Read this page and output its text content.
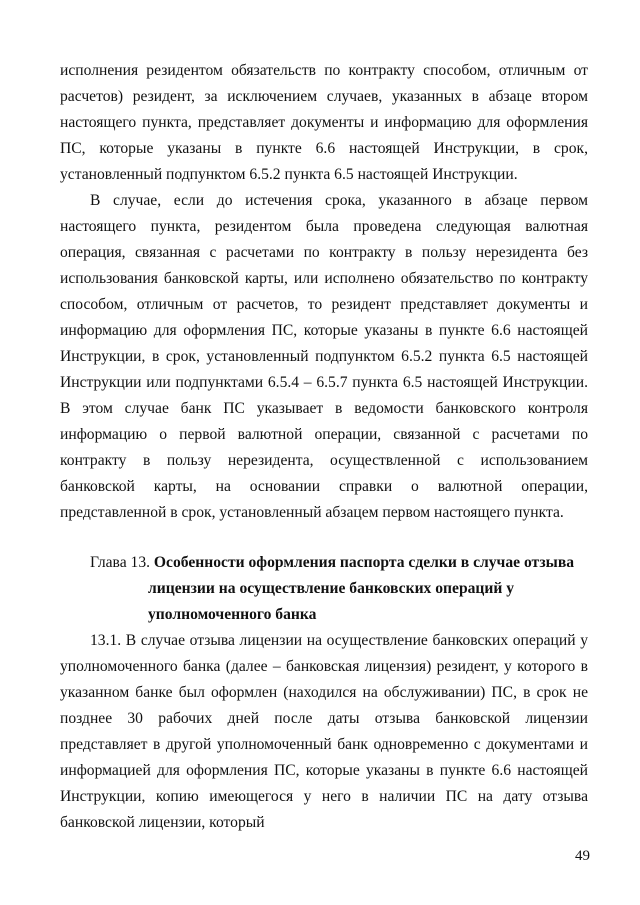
исполнения резидентом обязательств по контракту способом, отличным от расчетов) резидент, за исключением случаев, указанных в абзаце втором настоящего пункта, представляет документы и информацию для оформления ПС, которые указаны в пункте 6.6 настоящей Инструкции, в срок, установленный подпунктом 6.5.2 пункта 6.5 настоящей Инструкции.

В случае, если до истечения срока, указанного в абзаце первом настоящего пункта, резидентом была проведена следующая валютная операция, связанная с расчетами по контракту в пользу нерезидента без использования банковской карты, или исполнено обязательство по контракту способом, отличным от расчетов, то резидент представляет документы и информацию для оформления ПС, которые указаны в пункте 6.6 настоящей Инструкции, в срок, установленный подпунктом 6.5.2 пункта 6.5 настоящей Инструкции или подпунктами 6.5.4 – 6.5.7 пункта 6.5 настоящей Инструкции. В этом случае банк ПС указывает в ведомости банковского контроля информацию о первой валютной операции, связанной с расчетами по контракту в пользу нерезидента, осуществленной с использованием банковской карты, на основании справки о валютной операции, представленной в срок, установленный абзацем первом настоящего пункта.

Глава 13. Особенности оформления паспорта сделки в случае отзыва лицензии на осуществление банковских операций у уполномоченного банка

13.1. В случае отзыва лицензии на осуществление банковских операций у уполномоченного банка (далее – банковская лицензия) резидент, у которого в указанном банке был оформлен (находился на обслуживании) ПС, в срок не позднее 30 рабочих дней после даты отзыва банковской лицензии представляет в другой уполномоченный банк одновременно с документами и информацией для оформления ПС, которые указаны в пункте 6.6 настоящей Инструкции, копию имеющегося у него в наличии ПС на дату отзыва банковской лицензии, который

49
